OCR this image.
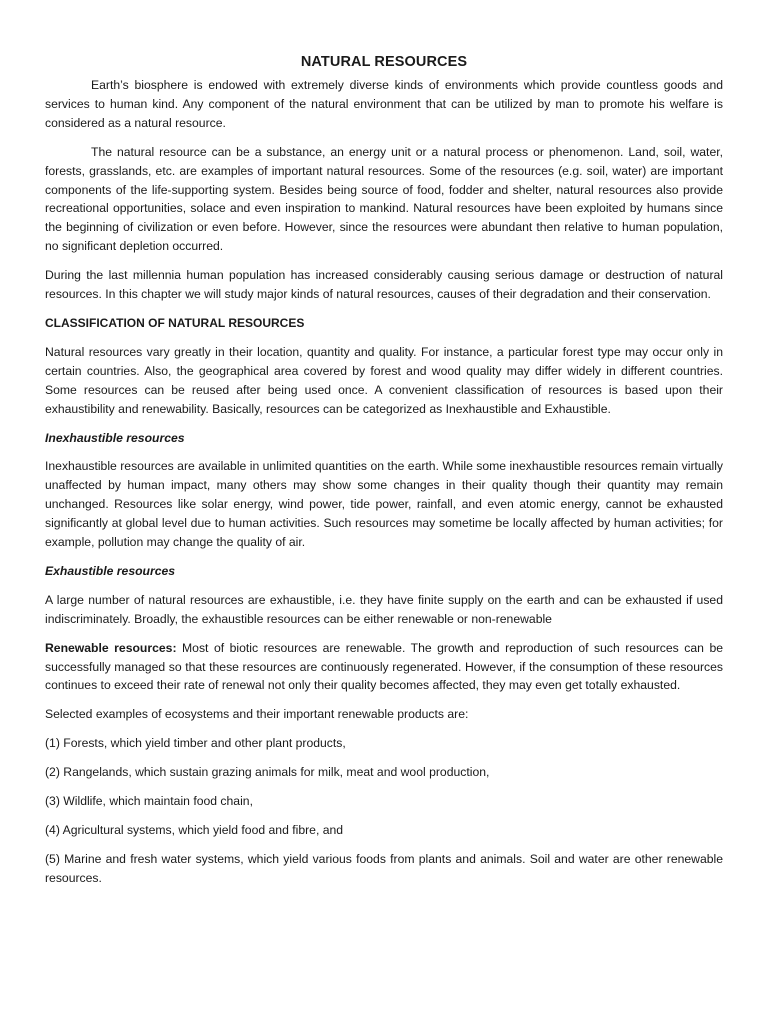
NATURAL RESOURCES

Earth’s biosphere is endowed with extremely diverse kinds of environments which provide countless goods and services to human kind. Any component of the natural environment that can be utilized by man to promote his welfare is considered as a natural resource.

The natural resource can be a substance, an energy unit or a natural process or phenomenon. Land, soil, water, forests, grasslands, etc. are examples of important natural resources. Some of the resources (e.g. soil, water) are important components of the life-supporting system. Besides being source of food, fodder and shelter, natural resources also provide recreational opportunities, solace and even inspiration to mankind. Natural resources have been exploited by humans since the beginning of civilization or even before. However, since the resources were abundant then relative to human population, no significant depletion occurred.

During the last millennia human population has increased considerably causing serious damage or destruction of natural resources. In this chapter we will study major kinds of natural resources, causes of their degradation and their conservation.

CLASSIFICATION OF NATURAL RESOURCES

Natural resources vary greatly in their location, quantity and quality. For instance, a particular forest type may occur only in certain countries. Also, the geographical area covered by forest and wood quality may differ widely in different countries. Some resources can be reused after being used once. A convenient classification of resources is based upon their exhaustibility and renewability. Basically, resources can be categorized as Inexhaustible and Exhaustible.

Inexhaustible resources

Inexhaustible resources are available in unlimited quantities on the earth. While some inexhaustible resources remain virtually unaffected by human impact, many others may show some changes in their quality though their quantity may remain unchanged. Resources like solar energy, wind power, tide power, rainfall, and even atomic energy, cannot be exhausted significantly at global level due to human activities. Such resources may sometime be locally affected by human activities; for example, pollution may change the quality of air.

Exhaustible resources

A large number of natural resources are exhaustible, i.e. they have finite supply on the earth and can be exhausted if used indiscriminately. Broadly, the exhaustible resources can be either renewable or non-renewable

Renewable resources: Most of biotic resources are renewable. The growth and reproduction of such resources can be successfully managed so that these resources are continuously regenerated. However, if the consumption of these resources continues to exceed their rate of renewal not only their quality becomes affected, they may even get totally exhausted.

Selected examples of ecosystems and their important renewable products are:

(1) Forests, which yield timber and other plant products,

(2) Rangelands, which sustain grazing animals for milk, meat and wool production,

(3) Wildlife, which maintain food chain,

(4) Agricultural systems, which yield food and fibre, and

(5) Marine and fresh water systems, which yield various foods from plants and animals. Soil and water are other renewable resources.
